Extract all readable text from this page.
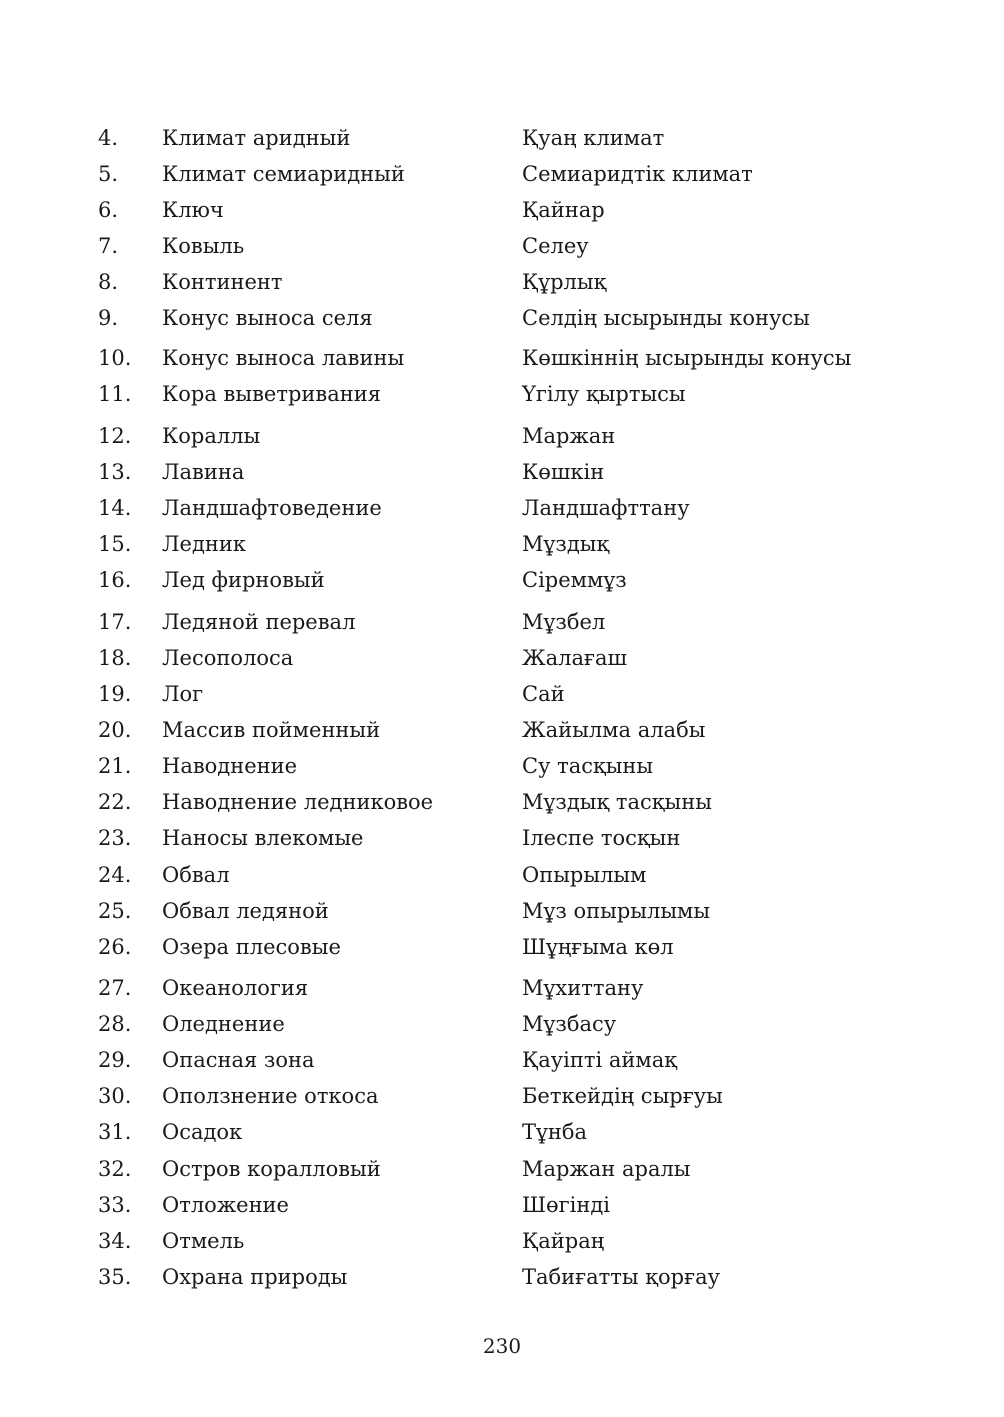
4. Климат аридный	Қуаң климат
5. Климат семиаридный	Семиаридтік климат
6. Ключ	Қайнар
7. Ковыль	Селеу
8. Континент	Құрлық
9. Конус выноса селя	Селдің ысырынды конусы
10. Конус выноса лавины	Көшкіннің ысырынды конусы
11. Кора выветривания	Үгілу қыртысы
12. Кораллы	Маржан
13. Лавина	Көшкін
14. Ландшафтоведение	Ландшафттану
15. Ледник	Мұздық
16. Лед фирновый	Сіреммұз
17. Ледяной перевал	Мұзбел
18. Лесополоса	Жалағаш
19. Лог	Сай
20. Массив пойменный	Жайылма алабы
21. Наводнение	Су тасқыны
22. Наводнение ледниковое	Мұздық тасқыны
23. Наносы влекомые	Ілеспе тосқын
24. Обвал	Опырылым
25. Обвал ледяной	Мұз опырылымы
26. Озера плесовые	Шұңғыма көл
27. Океанология	Мұхиттану
28. Оледнение	Мұзбасу
29. Опасная зона	Қауіпті аймақ
30. Оползнение откоса	Беткейдің сырғуы
31. Осадок	Тұнба
32. Остров коралловый	Маржан аралы
33. Отложение	Шөгінді
34. Отмель	Қайраң
35. Охрана природы	Табиғатты қорғау
230
